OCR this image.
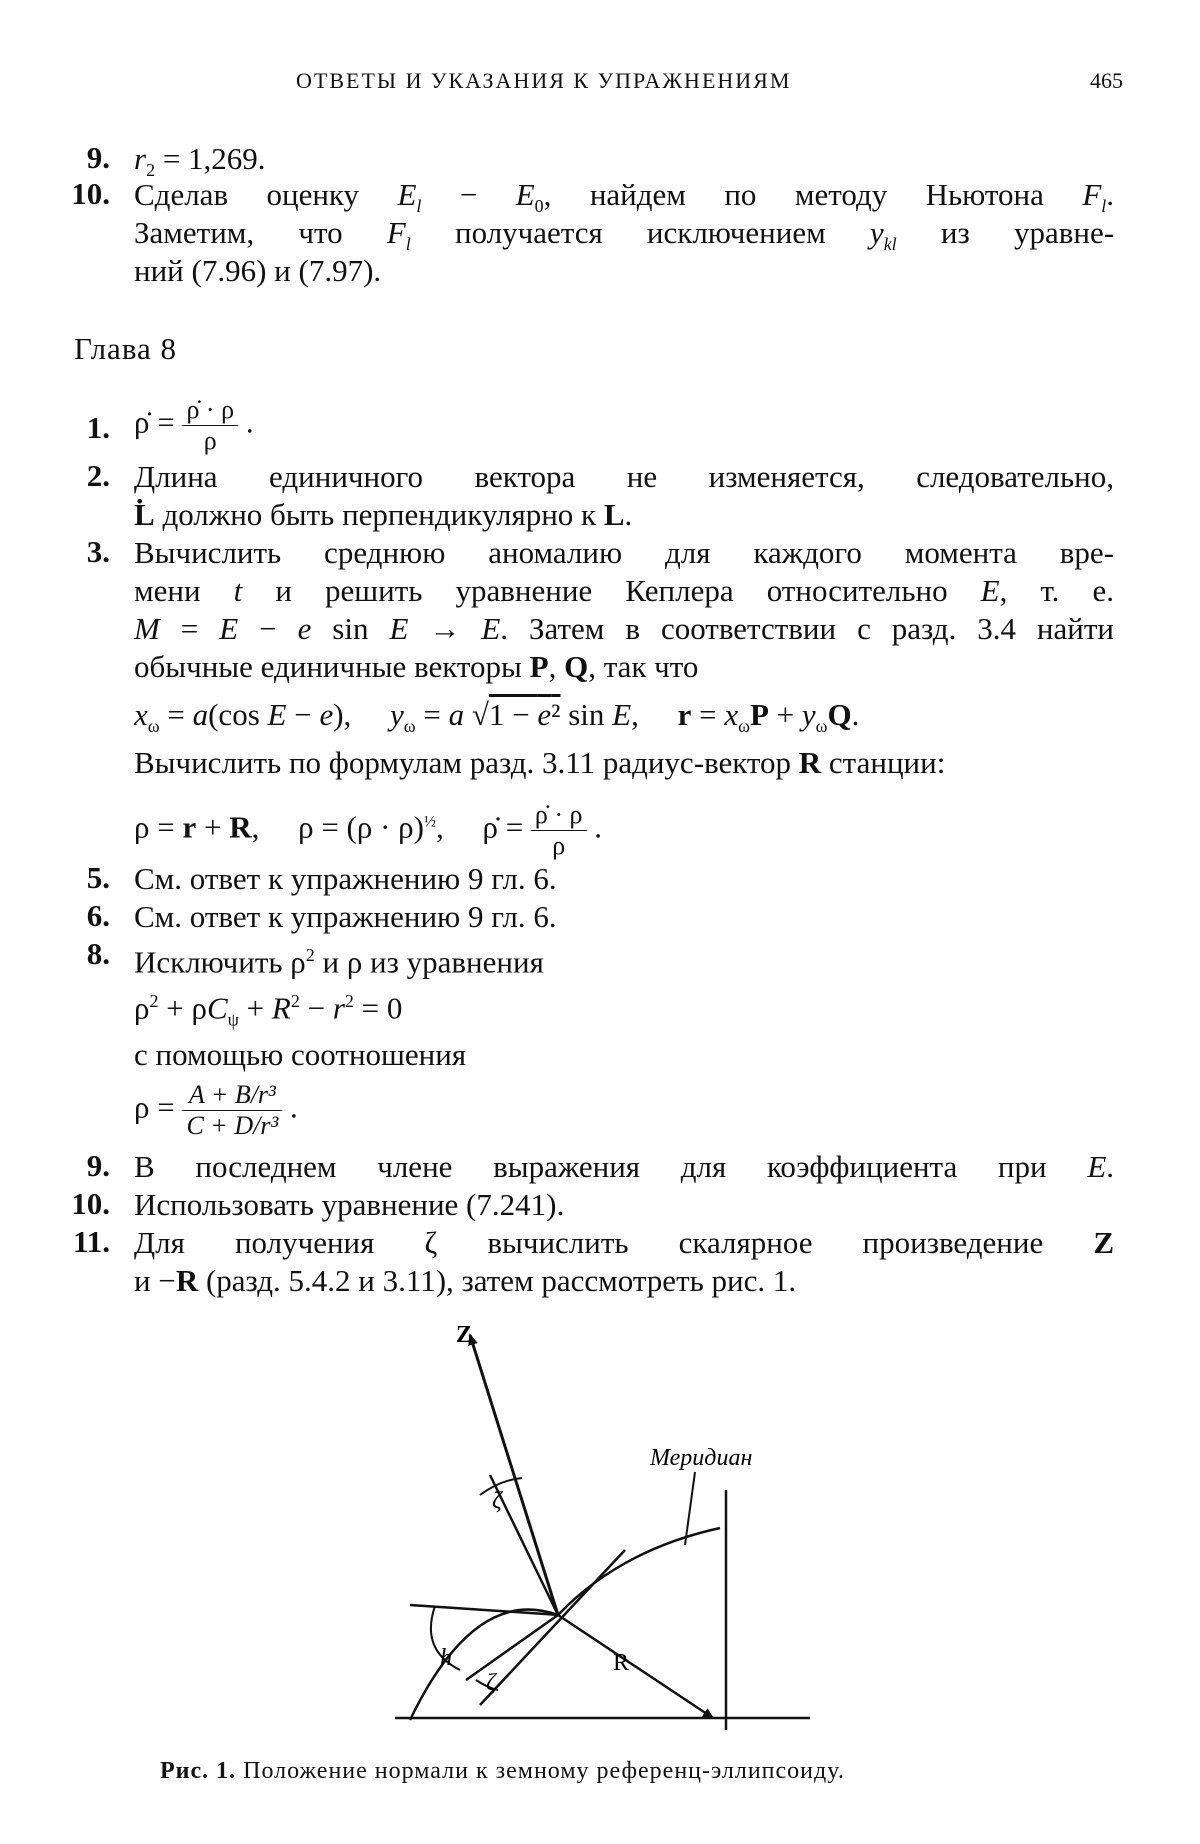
ОТВЕТЫ И УКАЗАНИЯ К УПРАЖНЕНИЯМ	465
9. $r_2 = 1,269$.
10. Сделав оценку $E_l - E_0$, найдем по методу Ньютона $F_l$.
Заметим, что $F_l$ получается исключением $y_{kl}$ из уравне-
ний (7.96) и (7.97).
Глава 8
1. ρ̇ = $\frac{\rhȯ \cdot \rho}{\rho}$ .
2. Длина единичного вектора не изменяется, следовательно,
L̇ должно быть перпендикулярно к L.
3. Вычислить среднюю аномалию для каждого момента вре-
мени t и решить уравнение Кеплера относительно E, т. е.
M = E − e sin E → E. Затем в соответствии с разд. 3.4 найти
обычные единичные векторы P, Q, так что
$x_\omega = a(\cos$ E − e),     $y_\omega = a$ √1 − e² sin E,     $r = x_\omega P + y_\omega Q$.
Вычислить по формулам разд. 3.11 радиус-вектор R станции:
ρ = r + R,     $\rho = (\rho \cdot \rho)^{\frac{1}{2}}$,     ρ̇ = $\frac{\rhȯ \cdot \rho}{\rho}$ .
5. См. ответ к упражнению 9 гл. 6.
6. См. ответ к упражнению 9 гл. 6.
8. Исключить $\rho^2$ и ρ из уравнения
$\rho^2 + \rho C_\psi + R^2 - r^2 = 0$
с помощью соотношения
$\rho = \frac{\text{A + B/r³}}{\text{C + D/r³}}$ .
9. В последнем члене выражения для коэффициента при E.
10. Использовать уравнение (7.241).
11. Для получения ζ вычислить скалярное произведение Z
и −R (разд. 5.4.2 и 3.11), затем рассмотреть рис. 1.
Z
Меридиан
ζ
h
ζ
R
Рис. 1. Положение нормали к земному референц-эллипсоиду.
